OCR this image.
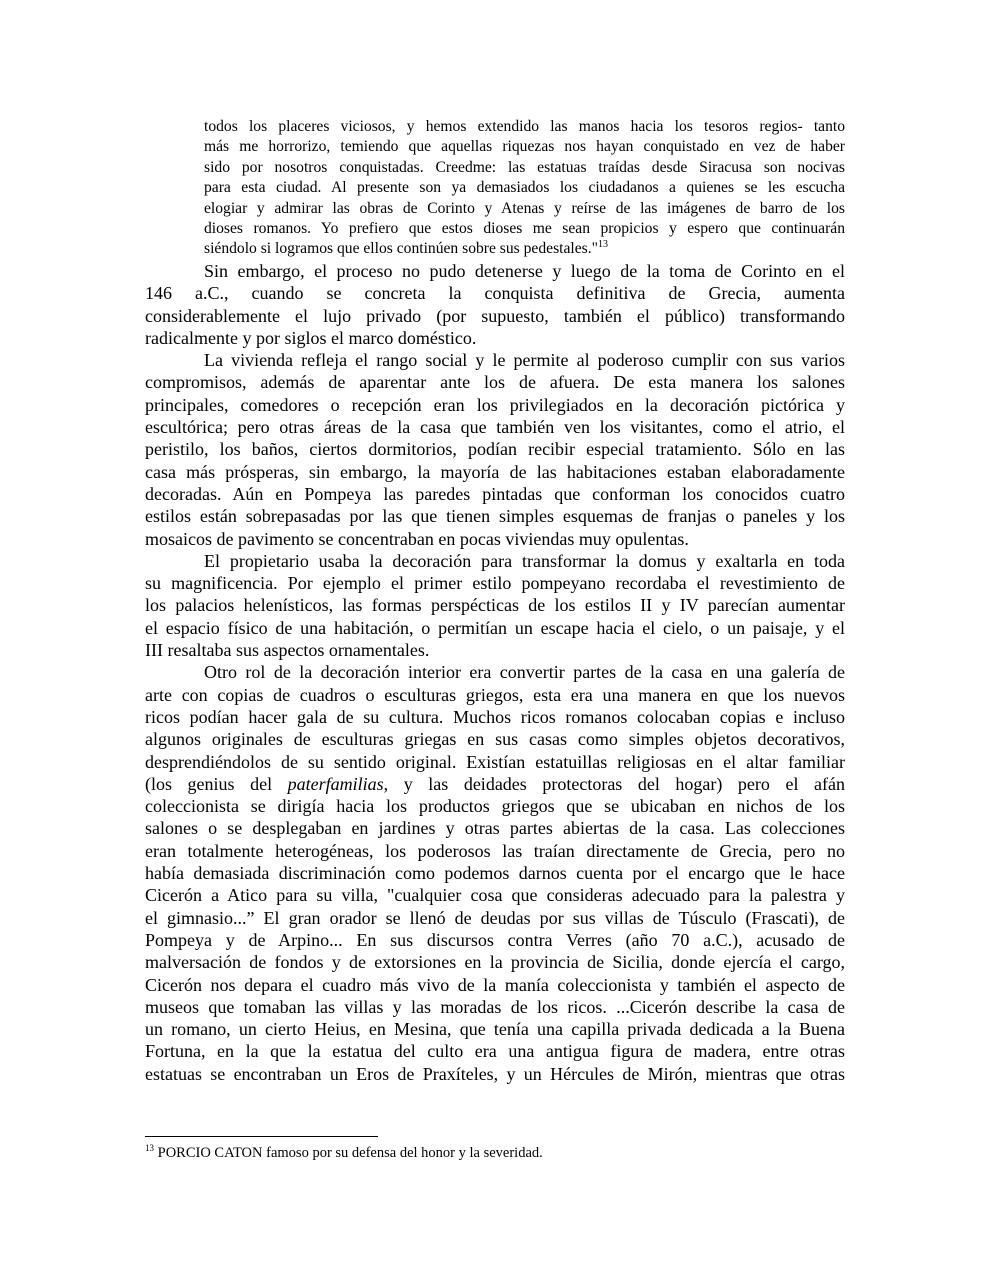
todos los placeres viciosos, y hemos extendido las manos hacia los tesoros regios- tanto
más me horrorizo, temiendo que aquellas riquezas nos hayan conquistado en vez de haber
sido por nosotros conquistadas. Creedme: las estatuas traídas desde Siracusa son nocivas
para esta ciudad. Al presente son ya demasiados los ciudadanos a quienes se les escucha
elogiar y admirar las obras de Corinto y Atenas y reírse de las imágenes de barro de los
dioses romanos. Yo prefiero que estos dioses me sean propicios y espero que continuarán
siéndolo si logramos que ellos continúen sobre sus pedestales."$^{13}$
Sin embargo, el proceso no pudo detenerse y luego de la toma de Corinto en el
146 a.C., cuando se concreta la conquista definitiva de Grecia, aumenta
considerablemente el lujo privado (por supuesto, también el público) transformando
radicalmente y por siglos el marco doméstico.
La vivienda refleja el rango social y le permite al poderoso cumplir con sus varios
compromisos, además de aparentar ante los de afuera. De esta manera los salones
principales, comedores o recepción eran los privilegiados en la decoración pictórica y
escultórica; pero otras áreas de la casa que también ven los visitantes, como el atrio, el
peristilo, los baños, ciertos dormitorios, podían recibir especial tratamiento. Sólo en las
casa más prósperas, sin embargo, la mayoría de las habitaciones estaban elaboradamente
decoradas. Aún en Pompeya las paredes pintadas que conforman los conocidos cuatro
estilos están sobrepasadas por las que tienen simples esquemas de franjas o paneles y los
mosaicos de pavimento se concentraban en pocas viviendas muy opulentas.
El propietario usaba la decoración para transformar la domus y exaltarla en toda
su magnificencia. Por ejemplo el primer estilo pompeyano recordaba el revestimiento de
los palacios helenísticos, las formas perspécticas de los estilos II y IV parecían aumentar
el espacio físico de una habitación, o permitían un escape hacia el cielo, o un paisaje, y el
III resaltaba sus aspectos ornamentales.
Otro rol de la decoración interior era convertir partes de la casa en una galería de
arte con copias de cuadros o esculturas griegos, esta era una manera en que los nuevos
ricos podían hacer gala de su cultura. Muchos ricos romanos colocaban copias e incluso
algunos originales de esculturas griegas en sus casas como simples objetos decorativos,
desprendiéndolos de su sentido original. Existían estatuillas religiosas en el altar familiar
(los genius del paterfamilias, y las deidades protectoras del hogar) pero el afán
coleccionista se dirigía hacia los productos griegos que se ubicaban en nichos de los
salones o se desplegaban en jardines y otras partes abiertas de la casa. Las colecciones
eran totalmente heterogéneas, los poderosos las traían directamente de Grecia, pero no
había demasiada discriminación como podemos darnos cuenta por el encargo que le hace
Cicerón a Atico para su villa, "cualquier cosa que consideras adecuado para la palestra y
el gimnasio...” El gran orador se llenó de deudas por sus villas de Túsculo (Frascati), de
Pompeya y de Arpino... En sus discursos contra Verres (año 70 a.C.), acusado de
malversación de fondos y de extorsiones en la provincia de Sicilia, donde ejercía el cargo,
Cicerón nos depara el cuadro más vivo de la manía coleccionista y también el aspecto de
museos que tomaban las villas y las moradas de los ricos. ...Cicerón describe la casa de
un romano, un cierto Heius, en Mesina, que tenía una capilla privada dedicada a la Buena
Fortuna, en la que la estatua del culto era una antigua figura de madera, entre otras
estatuas se encontraban un Eros de Praxíteles, y un Hércules de Mirón, mientras que otras
$^{13}$ PORCIO CATON famoso por su defensa del honor y la severidad.
